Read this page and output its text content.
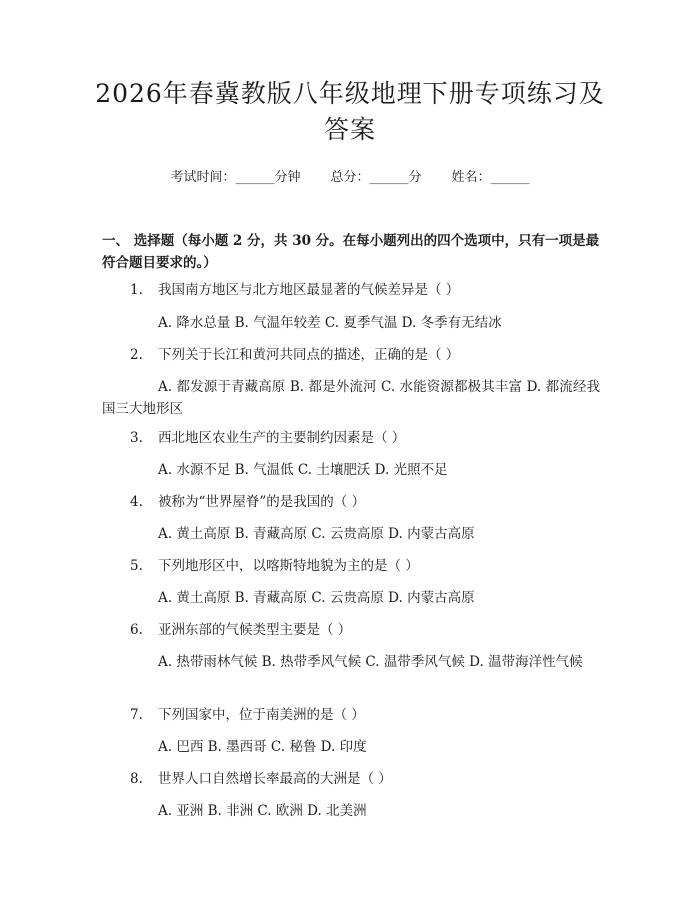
2026年春冀教版八年级地理下册专项练习及答案
考试时间：______分钟 总分：______分 姓名：______
一、 选择题（每小题 2 分，共 30 分。在每小题列出的四个选项中，只有一项是最符合题目要求的。）
1. 我国南方地区与北方地区最显著的气候差异是（ ）
A. 降水总量 B. 气温年较差 C. 夏季气温 D. 冬季有无结冰
2. 下列关于长江和黄河共同点的描述，正确的是（ ）
A. 都发源于青藏高原 B. 都是外流河 C. 水能资源都极其丰富 D. 都流经我国三大地形区
3. 西北地区农业生产的主要制约因素是（ ）
A. 水源不足 B. 气温低 C. 土壤肥沃 D. 光照不足
4. 被称为“世界屋脊”的是我国的（ ）
A. 黄土高原 B. 青藏高原 C. 云贵高原 D. 内蒙古高原
5. 下列地形区中，以喀斯特地貌为主的是（ ）
A. 黄土高原 B. 青藏高原 C. 云贵高原 D. 内蒙古高原
6. 亚洲东部的气候类型主要是（ ）
A. 热带雨林气候 B. 热带季风气候 C. 温带季风气候 D. 温带海洋性气候
7. 下列国家中，位于南美洲的是（ ）
A. 巴西 B. 墨西哥 C. 秘鲁 D. 印度
8. 世界人口自然增长率最高的大洲是（ ）
A. 亚洲 B. 非洲 C. 欧洲 D. 北美洲
